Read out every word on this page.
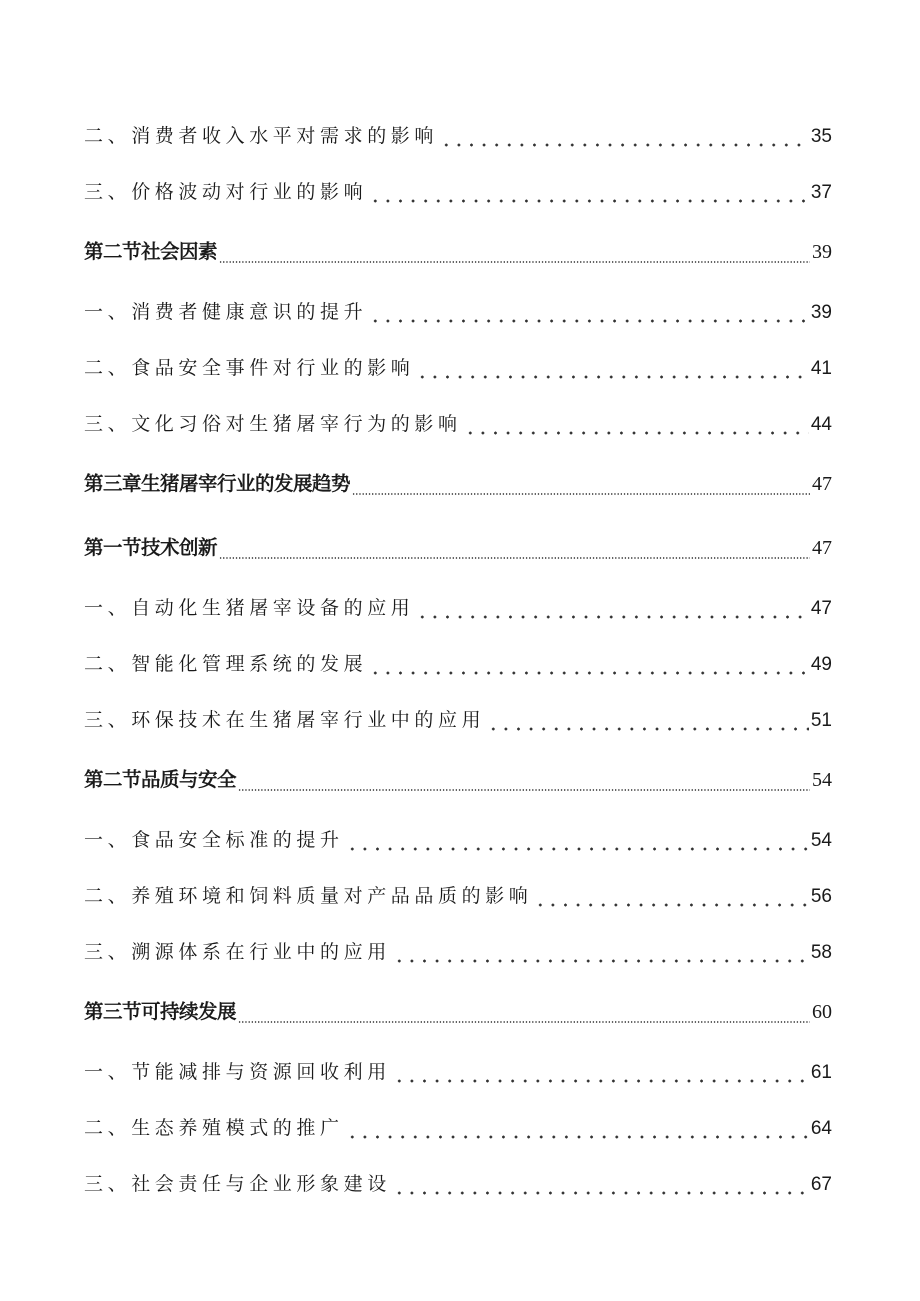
二、消费者收入水平对需求的影响	35
三、价格波动对行业的影响	37
第二节社会因素	39
一、消费者健康意识的提升	39
二、食品安全事件对行业的影响	41
三、文化习俗对生猪屠宰行为的影响	44
第三章生猪屠宰行业的发展趋势	47
第一节技术创新	47
一、自动化生猪屠宰设备的应用	47
二、智能化管理系统的发展	49
三、环保技术在生猪屠宰行业中的应用	51
第二节品质与安全	54
一、食品安全标准的提升	54
二、养殖环境和饲料质量对产品品质的影响	56
三、溯源体系在行业中的应用	58
第三节可持续发展	60
一、节能减排与资源回收利用	61
二、生态养殖模式的推广	64
三、社会责任与企业形象建设	67
